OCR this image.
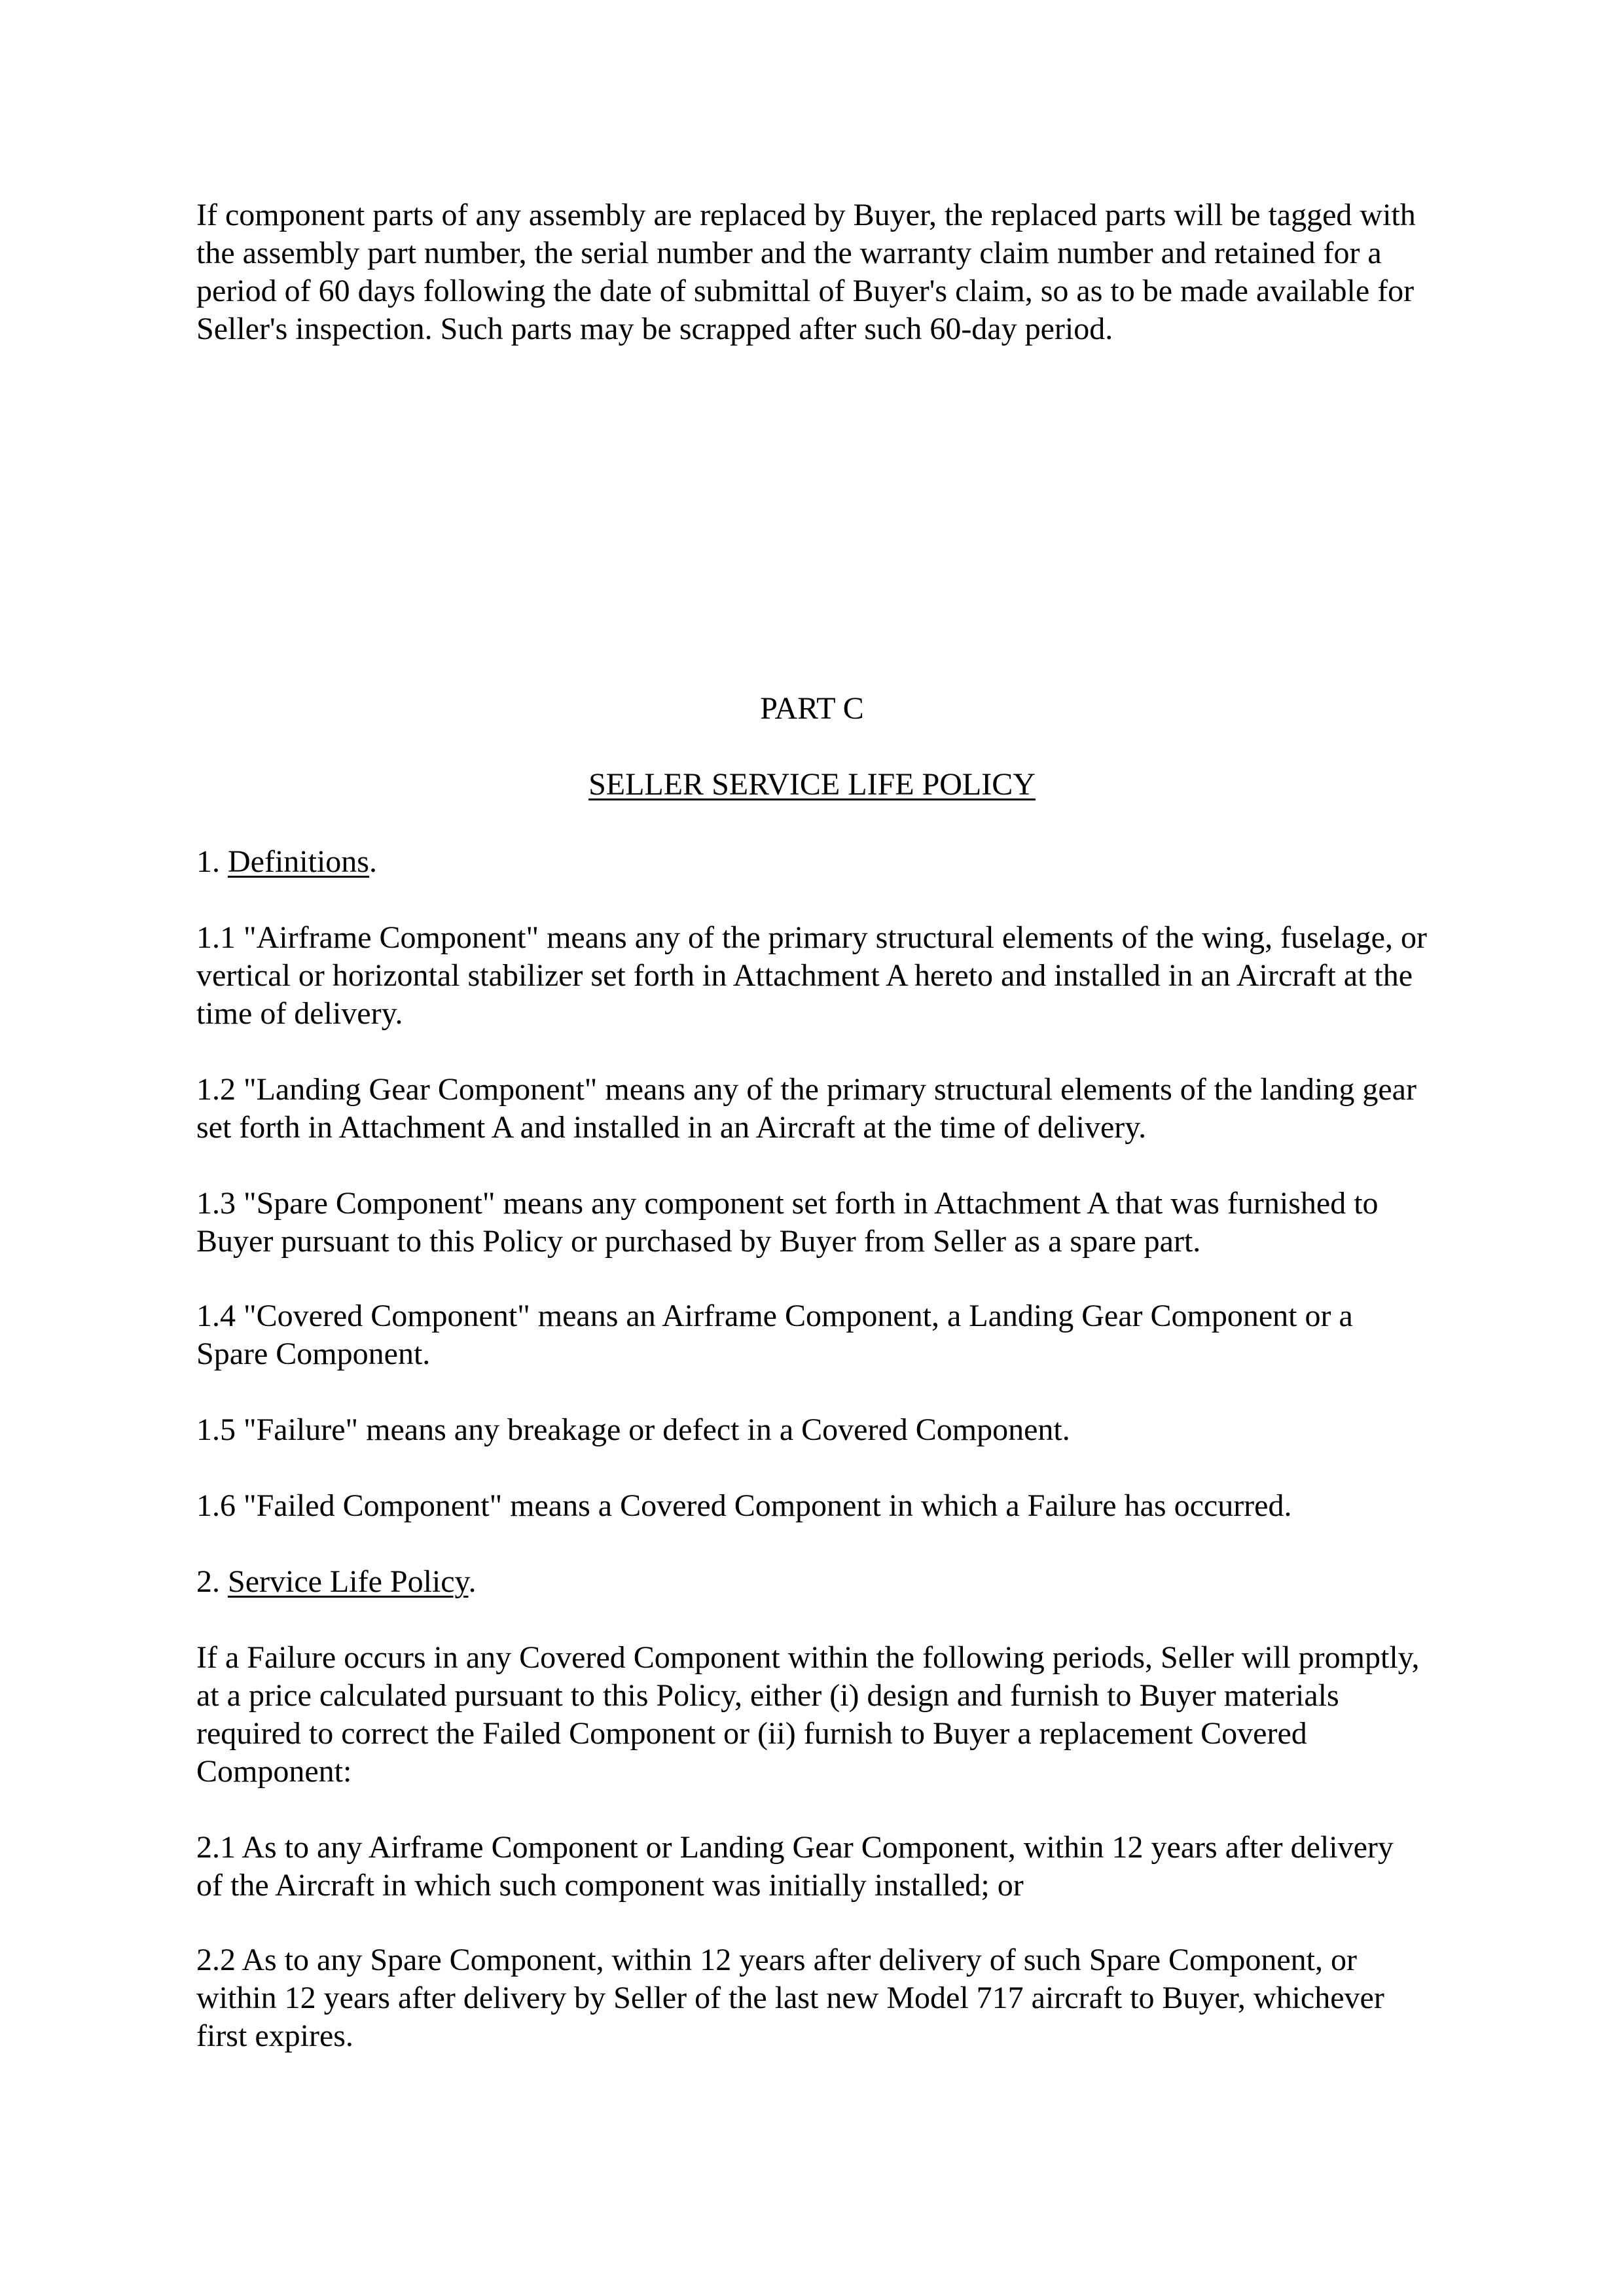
If component parts of any assembly are replaced by Buyer, the replaced parts will be tagged with the assembly part number, the serial number and the warranty claim number and retained for a period of 60 days following the date of submittal of Buyer's claim, so as to be made available for Seller's inspection. Such parts may be scrapped after such 60-day period.

PART C

SELLER SERVICE LIFE POLICY

1. Definitions.

1.1 "Airframe Component" means any of the primary structural elements of the wing, fuselage, or vertical or horizontal stabilizer set forth in Attachment A hereto and installed in an Aircraft at the time of delivery.

1.2 "Landing Gear Component" means any of the primary structural elements of the landing gear set forth in Attachment A and installed in an Aircraft at the time of delivery.

1.3 "Spare Component" means any component set forth in Attachment A that was furnished to Buyer pursuant to this Policy or purchased by Buyer from Seller as a spare part.

1.4 "Covered Component" means an Airframe Component, a Landing Gear Component or a Spare Component.

1.5 "Failure" means any breakage or defect in a Covered Component.

1.6 "Failed Component" means a Covered Component in which a Failure has occurred.

2. Service Life Policy.

If a Failure occurs in any Covered Component within the following periods, Seller will promptly, at a price calculated pursuant to this Policy, either (i) design and furnish to Buyer materials required to correct the Failed Component or (ii) furnish to Buyer a replacement Covered Component:

2.1 As to any Airframe Component or Landing Gear Component, within 12 years after delivery of the Aircraft in which such component was initially installed; or

2.2 As to any Spare Component, within 12 years after delivery of such Spare Component, or within 12 years after delivery by Seller of the last new Model 717 aircraft to Buyer, whichever first expires.
